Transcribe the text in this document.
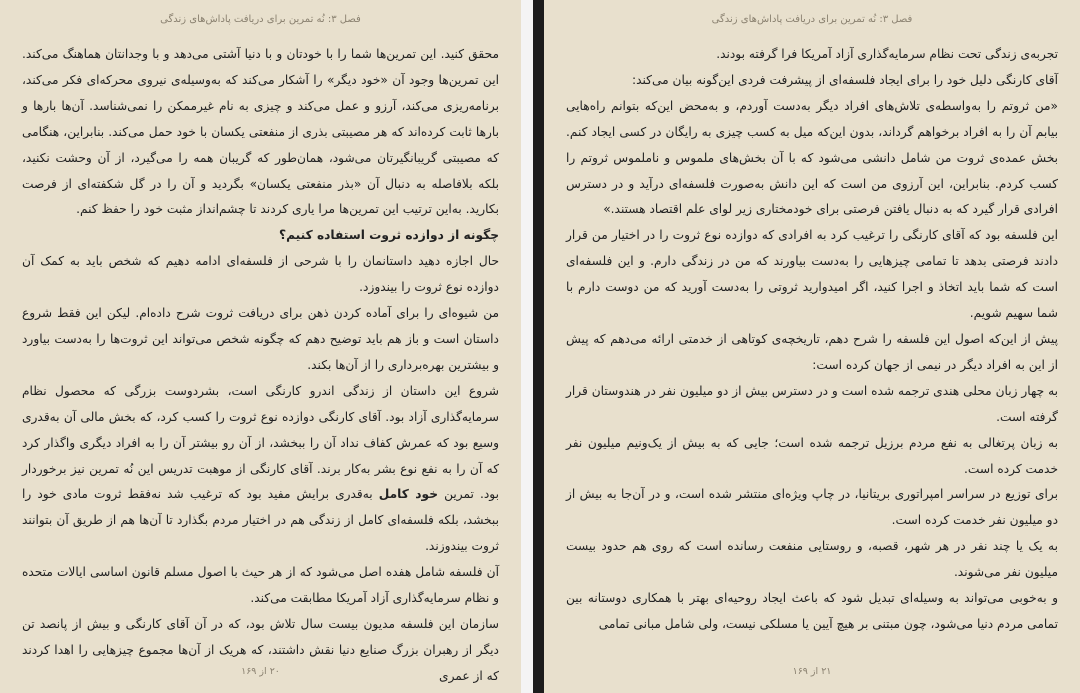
فصل ۳: نُه تمرین برای دریافت پاداش‌های زندگی

محقق کنید. این تمرین‌ها شما را با خودتان و با دنیا آشتی می‌دهد و با وجدانتان هماهنگ می‌کند. این تمرین‌ها وجود آن «خود دیگر» را آشکار می‌کند که به‌وسیله‌ی نیروی محرکه‌ای فکر می‌کند، برنامه‌ریزی می‌کند، آرزو و عمل می‌کند و چیزی به نام غیرممکن را نمی‌شناسد. آن‌ها بارها و بارها ثابت کرده‌اند که هر مصیبتی بذری از منفعتی یکسان با خود حمل می‌کند. بنابراین، هنگامی که مصیبتی گریبانگیرتان می‌شود، همان‌طور که گریبان همه را می‌گیرد، از آن وحشت نکنید، بلکه بلافاصله به دنبال آن «بذر منفعتی یکسان» بگردید و آن را در گل شکفته‌ای از فرصت بکارید. به‌این ترتیب این تمرین‌ها مرا یاری کردند تا چشم‌انداز مثبت خود را حفظ کنم.

چگونه از دوازده ثروت استفاده کنیم؟

حال اجازه دهید داستانمان را با شرحی از فلسفه‌ای ادامه دهیم که شخص باید به کمک آن دوازده نوع ثروت را بیندوزد.

من شیوه‌ای را برای آماده کردن ذهن برای دریافت ثروت شرح داده‌ام. لیکن این فقط شروع داستان است و باز هم باید توضیح دهم که چگونه شخص می‌تواند این ثروت‌ها را به‌دست بیاورد و بیشترین بهره‌برداری را از آن‌ها بکند.

شروع این داستان از زندگی اندرو کارنگی است، بشردوست بزرگی که محصول نظام سرمایه‌گذاری آزاد بود. آقای کارنگی دوازده نوع ثروت را کسب کرد، که بخش مالی آن به‌قدری وسیع بود که عمرش کفاف نداد آن را ببخشد، از آن رو بیشتر آن را به افراد دیگری واگذار کرد که آن را به نفع نوع بشر به‌کار برند. آقای کارنگی از موهبت تدریس این نُه تمرین نیز برخوردار بود. تمرین خود کامل به‌قدری برایش مفید بود که ترغیب شد نه‌فقط ثروت مادی خود را ببخشد، بلکه فلسفه‌ای کامل از زندگی هم در اختیار مردم بگذارد تا آن‌ها هم از طریق آن بتوانند ثروت بیندوزند.

آن فلسفه شامل هفده اصل می‌شود که از هر حیث با اصول مسلم قانون اساسی ایالات متحده و نظام سرمایه‌گذاری آزاد آمریکا مطابقت می‌کند.

سازمان این فلسفه مدیون بیست سال تلاش بود، که در آن آقای کارنگی و بیش از پانصد تن دیگر از رهبران بزرگ صنایع دنیا نقش داشتند، که هریک از آن‌ها مجموع چیزهایی را اهدا کردند که از عمری

۲۰ از ۱۶۹
فصل ۳: نُه تمرین برای دریافت پاداش‌های زندگی

تجربه‌ی زندگی تحت نظام سرمایه‌گذاری آزاد آمریکا فرا گرفته بودند.

آقای کارنگی دلیل خود را برای ایجاد فلسفه‌ای از پیشرفت فردی این‌گونه بیان می‌کند:

«من ثروتم را به‌واسطه‌ی تلاش‌های افراد دیگر به‌دست آوردم، و به‌محض این‌که بتوانم راه‌هایی بیابم آن را به افراد برخواهم گرداند، بدون این‌که میل به کسب چیزی به رایگان در کسی ایجاد کنم. بخش عمده‌ی ثروت من شامل دانشی می‌شود که با آن بخش‌های ملموس و ناملموس ثروتم را کسب کردم. بنابراین، این آرزوی من است که این دانش به‌صورت فلسفه‌ای درآید و در دسترس افرادی قرار گیرد که به دنبال یافتن فرصتی برای خودمختاری زیر لوای علم اقتصاد هستند.»

این فلسفه بود که آقای کارنگی را ترغیب کرد به افرادی که دوازده نوع ثروت را در اختیار من قرار دادند فرصتی بدهد تا تمامی چیزهایی را به‌دست بیاورند که من در زندگی دارم. و این فلسفه‌ای است که شما باید اتخاذ و اجرا کنید، اگر امیدوارید ثروتی را به‌دست آورید که من دوست دارم با شما سهیم شویم.

پیش از این‌که اصول این فلسفه را شرح دهم، تاریخچه‌ی کوتاهی از خدمتی ارائه می‌دهم که پیش از این به افراد دیگر در نیمی از جهان کرده است:

به چهار زبان محلی هندی ترجمه شده است و در دسترس بیش از دو میلیون نفر در هندوستان قرار گرفته است.

به زبان پرتغالی به نفع مردم برزیل ترجمه شده است؛ جایی که به بیش از یک‌ونیم میلیون نفر خدمت کرده است.

برای توزیع در سراسر امپراتوری بریتانیا، در چاپ ویژه‌ای منتشر شده است، و در آن‌جا به بیش از دو میلیون نفر خدمت کرده است.

به یک یا چند نفر در هر شهر، قصبه، و روستایی منفعت رسانده است که روی هم حدود بیست میلیون نفر می‌شوند.

و به‌خوبی می‌تواند به وسیله‌ای تبدیل شود که باعث ایجاد روحیه‌ای بهتر با همکاری دوستانه بین تمامی مردم دنیا می‌شود، چون مبتنی بر هیچ آیین یا مسلکی نیست، ولی شامل مبانی تمامی

۲۱ از ۱۶۹
